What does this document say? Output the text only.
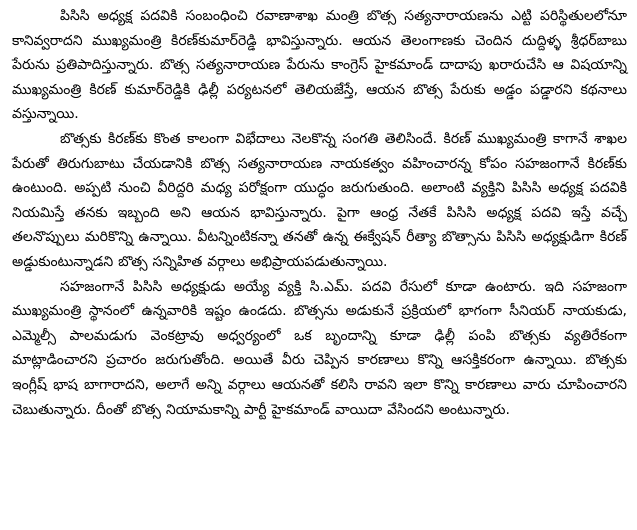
పిసిసి అధ్యక్ష పదవికి సంబంధించి రవాణాశాఖ మంత్రి బొత్స సత్యనారాయణను ఎట్టి పరిస్థితులలోనూ కానివ్వరాదని ముఖ్యమంత్రి కిరణ్‌కుమార్‌రెడ్డి భావిస్తున్నారు. ఆయన తెలంగాణకు చెందిన దుద్దిళ్ళ శ్రీధర్‌బాబు పేరును ప్రతిపాదిస్తున్నారు. బొత్స సత్యనారాయణ పేరును కాంగ్రెస్ హైకమాండ్ దాదాపు ఖరారుచేసి ఆ విషయాన్ని ముఖ్యమంత్రి కిరణ్ కుమార్‌రెడ్డికి ఢిల్లీ పర్యటనలో తెలియజేస్తే, ఆయన బొత్స పేరుకు అడ్డం పడ్డారని కథనాలు వస్తున్నాయి.

బొత్సకు కిరణ్‌కు కొంత కాలంగా విభేదాలు నెలకొన్న సంగతి తెలిసిందే. కిరణ్ ముఖ్యమంత్రి కాగానే శాఖల పేరుతో తిరుగుబాటు చేయడానికి బొత్స సత్యనారాయణ నాయకత్వం వహించారన్న కోపం సహజంగానే కిరణ్‌కు ఉంటుంది. అప్పటి నుంచి వీరిద్దరి మధ్య పరోక్షంగా యుద్ధం జరుగుతుంది. అలాంటి వ్యక్తిని పిసిసి అధ్యక్ష పదవికి నియమిస్తే తనకు ఇబ్బంది అని ఆయన భావిస్తున్నారు. పైగా ఆంధ్ర నేతకే పిసిసి అధ్యక్ష పదవి ఇస్తే వచ్చే తలనొప్పులు మరికొన్ని ఉన్నాయి. వీటన్నింటికన్నా తనతో ఉన్న ఈక్వేషన్ రీత్యా బొత్సాను పిసిసి అధ్యక్షుడిగా కిరణ్ అడ్డుకుంటున్నాడని బొత్స సన్నిహిత వర్గాలు అభిప్రాయపడుతున్నాయి.

సహజంగానే పిసిసి అధ్యక్షుడు అయ్యే వ్యక్తి సి.ఎమ్. పదవి రేసులో కూడా ఉంటారు. ఇది సహజంగా ముఖ్యమంత్రి స్థానంలో ఉన్నవారికి ఇష్టం ఉండదు. బొత్సను అడుకునే ప్రక్రియలో భాగంగా సీనియర్ నాయకుడు, ఎమ్మెల్సీ పాలమడుగు వెంకట్రావు అధ్వర్యంలో ఒక బృందాన్ని కూడా ఢిల్లీ పంపి బొత్సకు వ్యతిరేకంగా మాట్లాడించారని ప్రచారం జరుగుతోంది. అయితే వీరు చెప్పిన కారణాలు కొన్ని ఆసక్తికరంగా ఉన్నాయి. బొత్సకు ఇంగ్లీష్ భాష బాగారాదని, అలాగే అన్ని వర్గాలు ఆయనతో కలిసి రావని ఇలా కొన్ని కారణాలు వారు చూపించారని చెబుతున్నారు. దీంతో బొత్స నియామకాన్ని పార్టీ హైకమాండ్ వాయిదా వేసిందని అంటున్నారు.
